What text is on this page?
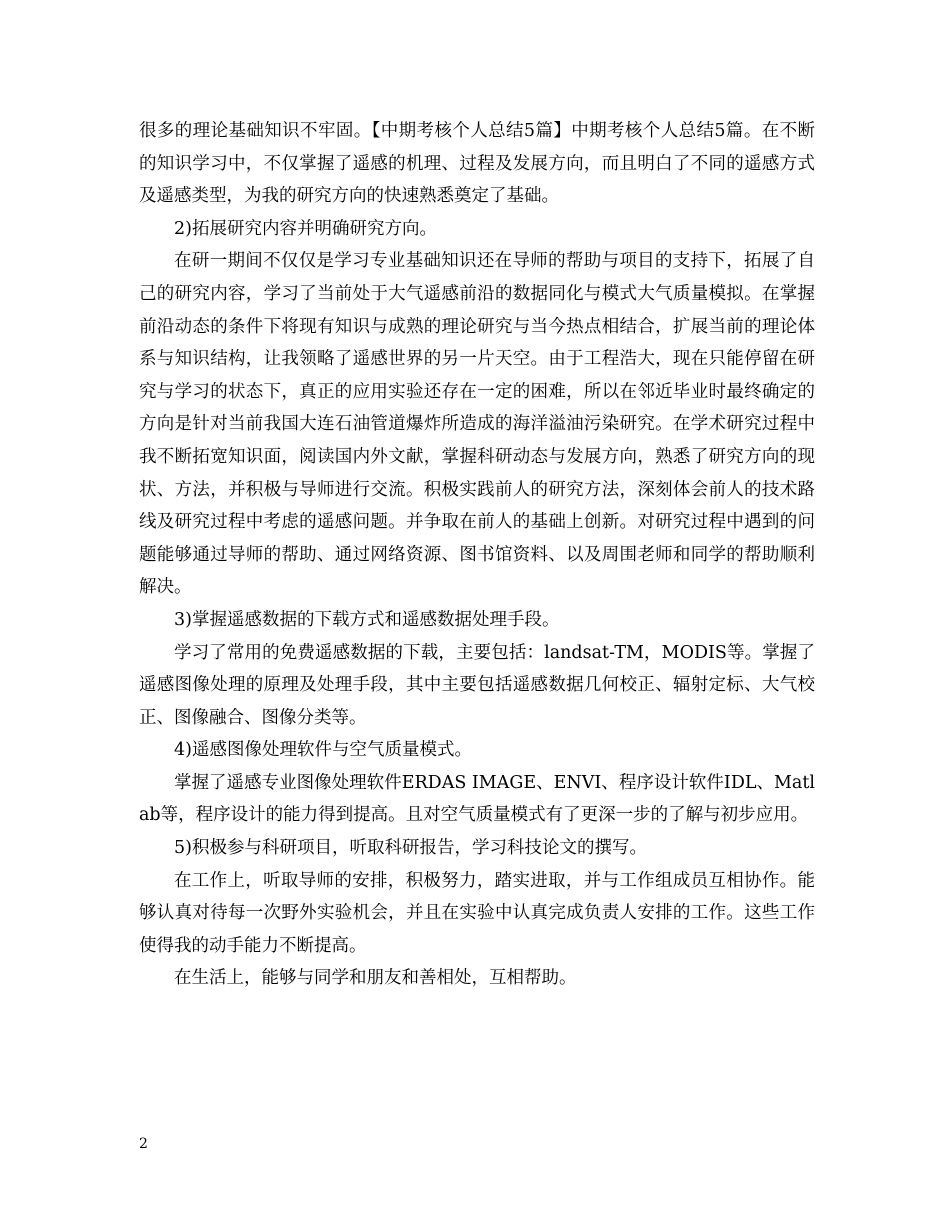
很多的理论基础知识不牢固。【中期考核个人总结5篇】中期考核个人总结5篇。在不断的知识学习中，不仅掌握了遥感的机理、过程及发展方向，而且明白了不同的遥感方式及遥感类型，为我的研究方向的快速熟悉奠定了基础。

2)拓展研究内容并明确研究方向。

在研一期间不仅仅是学习专业基础知识还在导师的帮助与项目的支持下，拓展了自己的研究内容，学习了当前处于大气遥感前沿的数据同化与模式大气质量模拟。在掌握前沿动态的条件下将现有知识与成熟的理论研究与当今热点相结合，扩展当前的理论体系与知识结构，让我领略了遥感世界的另一片天空。由于工程浩大，现在只能停留在研究与学习的状态下，真正的应用实验还存在一定的困难，所以在邻近毕业时最终确定的方向是针对当前我国大连石油管道爆炸所造成的海洋溢油污染研究。在学术研究过程中我不断拓宽知识面，阅读国内外文献，掌握科研动态与发展方向，熟悉了研究方向的现状、方法，并积极与导师进行交流。积极实践前人的研究方法，深刻体会前人的技术路线及研究过程中考虑的遥感问题。并争取在前人的基础上创新。对研究过程中遇到的问题能够通过导师的帮助、通过网络资源、图书馆资料、以及周围老师和同学的帮助顺利解决。

3)掌握遥感数据的下载方式和遥感数据处理手段。

学习了常用的免费遥感数据的下载，主要包括：landsat-TM，MODIS等。掌握了遥感图像处理的原理及处理手段，其中主要包括遥感数据几何校正、辐射定标、大气校正、图像融合、图像分类等。

4)遥感图像处理软件与空气质量模式。

掌握了遥感专业图像处理软件ERDAS IMAGE、ENVI、程序设计软件IDL、Matlab等，程序设计的能力得到提高。且对空气质量模式有了更深一步的了解与初步应用。

5)积极参与科研项目，听取科研报告，学习科技论文的撰写。

在工作上，听取导师的安排，积极努力，踏实进取，并与工作组成员互相协作。能够认真对待每一次野外实验机会，并且在实验中认真完成负责人安排的工作。这些工作使得我的动手能力不断提高。

在生活上，能够与同学和朋友和善相处，互相帮助。

2
